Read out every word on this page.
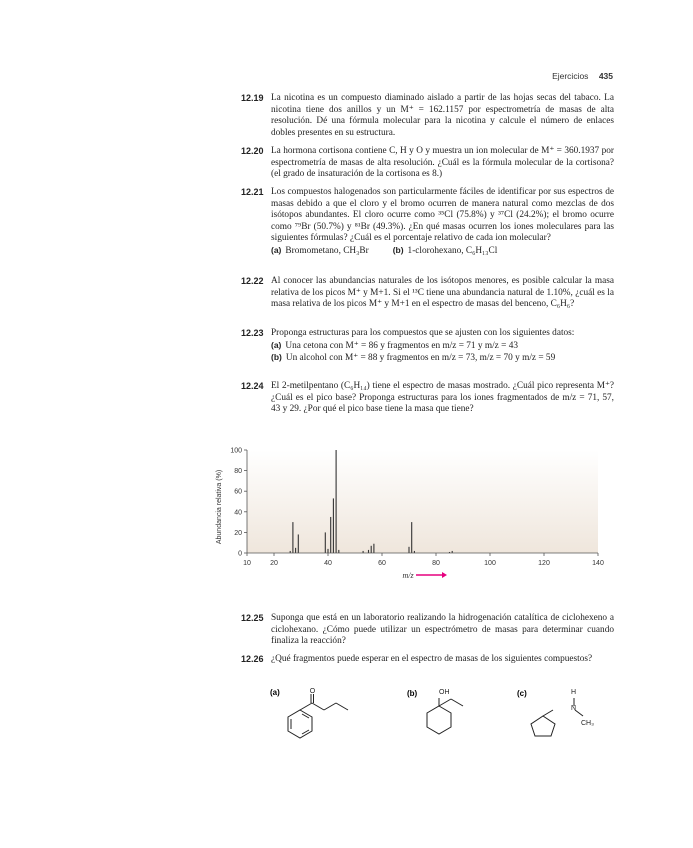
Ejercicios 435
12.19 La nicotina es un compuesto diaminado aislado a partir de las hojas secas del tabaco. La nicotina tiene dos anillos y un M⁺ = 162.1157 por espectrometría de masas de alta resolución. Dé una fórmula molecular para la nicotina y calcule el número de enlaces dobles presentes en su estructura.
12.20 La hormona cortisona contiene C, H y O y muestra un ion molecular de M⁺ = 360.1937 por espectrometría de masas de alta resolución. ¿Cuál es la fórmula molecular de la cortisona? (el grado de insaturación de la cortisona es 8.)
12.21 Los compuestos halogenados son particularmente fáciles de identificar por sus espectros de masas debido a que el cloro y el bromo ocurren de manera natural como mezclas de dos isótopos abundantes. El cloro ocurre como ³⁵Cl (75.8%) y ³⁷Cl (24.2%); el bromo ocurre como ⁷⁹Br (50.7%) y ⁸¹Br (49.3%). ¿En qué masas ocurren los iones moleculares para las siguientes fórmulas? ¿Cuál es el porcentaje relativo de cada ion molecular?
(a) Bromometano, CH₃Br	(b) 1-clorohexano, C₆H₁₃Cl
12.22 Al conocer las abundancias naturales de los isótopos menores, es posible calcular la masa relativa de los picos M⁺ y M+1. Si el ¹³C tiene una abundancia natural de 1.10%, ¿cuál es la masa relativa de los picos M⁺ y M+1 en el espectro de masas del benceno, C₆H₆?
12.23 Proponga estructuras para los compuestos que se ajusten con los siguientes datos:
(a) Una cetona con M⁺ = 86 y fragmentos en m/z = 71 y m/z = 43
(b) Un alcohol con M⁺ = 88 y fragmentos en m/z = 73, m/z = 70 y m/z = 59
12.24 El 2-metilpentano (C₆H₁₄) tiene el espectro de masas mostrado. ¿Cuál pico representa M⁺? ¿Cuál es el pico base? Proponga estructuras para los iones fragmentados de m/z = 71, 57, 43 y 29. ¿Por qué el pico base tiene la masa que tiene?
0
20
40
60
80
100
10	20	40	60	80	100	120	140
Abundancia relativa (%)
m/z
12.25 Suponga que está en un laboratorio realizando la hidrogenación catalítica de ciclohexeno a ciclohexano. ¿Cómo puede utilizar un espectrómetro de masas para determinar cuando finaliza la reacción?
12.26 ¿Qué fragmentos puede esperar en el espectro de masas de los siguientes compuestos?
(a)	O	(b)	OH	(c)	H
N
CH₃
